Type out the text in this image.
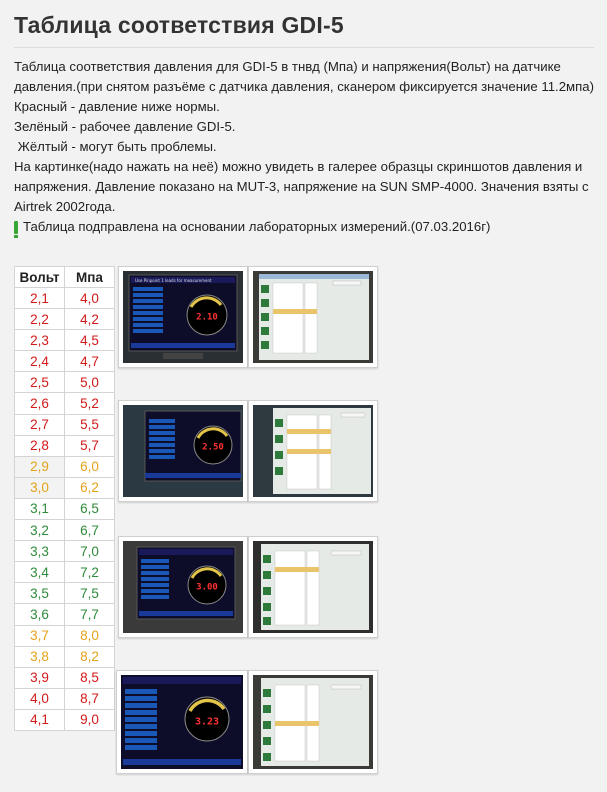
Таблица соответствия GDI-5

Таблица соответствия давления для GDI-5 в тнвд (Мпа) и напряжения(Вольт) на датчике давления.(при снятом разъёме с датчика давления, сканером фиксируется значение 11.2мпа)

Красный - давление ниже нормы.

Зелёный - рабочее давление GDI-5.

Жёлтый - могут быть проблемы.

На картинке(надо нажать на неё) можно увидеть в галерее образцы скриншотов давления и напряжения. Давление показано на MUT-3, напряжение на SUN SMP-4000. Значения взяты с Airtrek 2002года.

Таблица подправлена на основании лабораторных измерений.(07.03.2016г)

Вольт	Мпа
2,1	4,0
2,2	4,2
2,3	4,5
2,4	4,7
2,5	5,0
2,6	5,2
2,7	5,5
2,8	5,7
2,9	6,0
3,0	6,2
3,1	6,5
3,2	6,7
3,3	7,0
3,4	7,2
3,5	7,5
3,6	7,7
3,7	8,0
3,8	8,2
3,9	8,5
4,0	8,7
4,1	9,0
Use Pinpoint 1 leads for measurement
2.10
2.50
3.00
3.23
